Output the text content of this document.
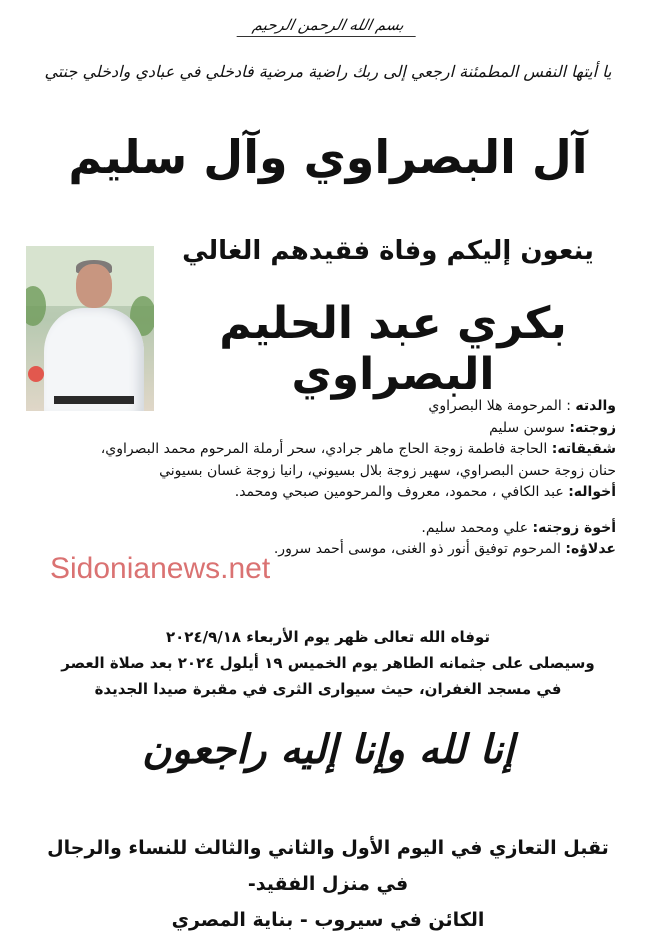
بسم الله الرحمن الرحيم
يا أيتها النفس المطمئنة ارجعي إلى ربك راضية مرضية فادخلي في عبادي وادخلي جنتي
آل البصراوي وآل سليم
ينعون إليكم وفاة فقيدهم الغالي
بكري عبد الحليم البصراوي
والدته : المرحومة هلا البصراوي
زوجته: سوسن سليم
شقيقاته: الحاجة فاطمة زوجة الحاج ماهر جرادي، سحر أرملة المرحوم محمد البصراوي،
حنان زوجة حسن البصراوي، سهير زوجة بلال بسيوني، رانيا زوجة غسان بسيوني
أخواله: عبد الكافي ، محمود، معروف والمرحومين صبحي ومحمد.
أخوة زوجته: علي ومحمد سليم.
عدلاؤه: المرحوم توفيق أنور ذو الغنى، موسى أحمد سرور.
Sidonianews.net
توفاه الله تعالى ظهر يوم الأربعاء ٢٠٢٤/٩/١٨
وسيصلى على جثمانه الطاهر يوم الخميس ١٩ أيلول ٢٠٢٤ بعد صلاة العصر
في مسجد الغفران، حيث سيوارى الثرى في مقبرة صيدا الجديدة
إنا لله وإنا إليه راجعون
تقبل التعازي في اليوم الأول والثاني والثالث للنساء والرجال في منزل الفقيد-
الكائن في سيروب - بناية المصري
